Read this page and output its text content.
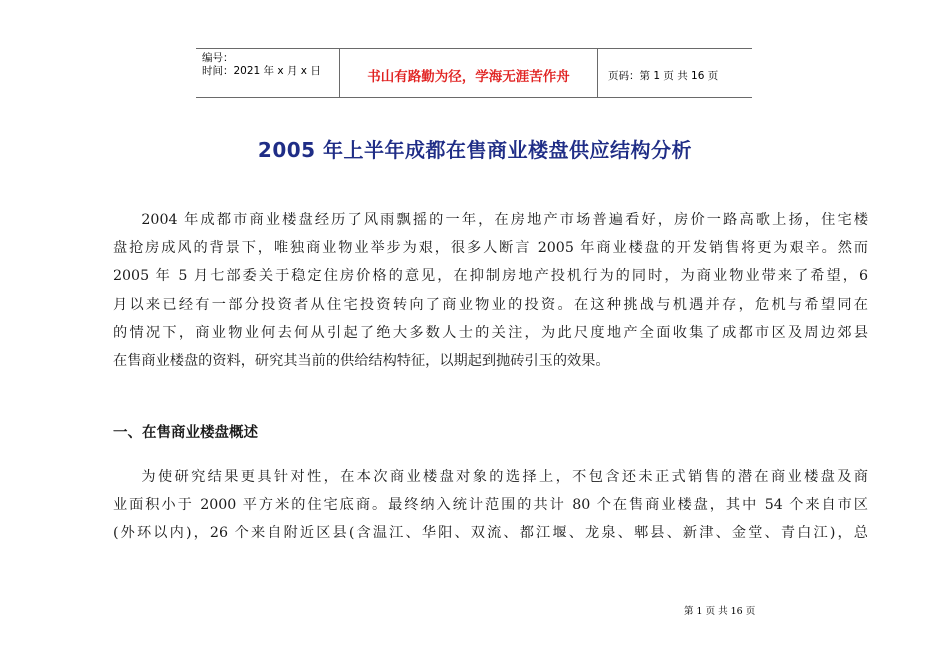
编号：
时间：2021 年 x 月 x 日	书山有路勤为径，学海无涯苦作舟	页码：第 1 页 共 16 页
2005 年上半年成都在售商业楼盘供应结构分析
2004 年成都市商业楼盘经历了风雨飘摇的一年，在房地产市场普遍看好，房价一路高歌上扬，住宅楼
盘抢房成风的背景下，唯独商业物业举步为艰，很多人断言 2005 年商业楼盘的开发销售将更为艰辛。然而
2005 年 5 月七部委关于稳定住房价格的意见，在抑制房地产投机行为的同时，为商业物业带来了希望，6
月以来已经有一部分投资者从住宅投资转向了商业物业的投资。在这种挑战与机遇并存，危机与希望同在
的情况下，商业物业何去何从引起了绝大多数人士的关注，为此尺度地产全面收集了成都市区及周边郊县
在售商业楼盘的资料，研究其当前的供给结构特征，以期起到抛砖引玉的效果。
一、在售商业楼盘概述
为使研究结果更具针对性，在本次商业楼盘对象的选择上，不包含还未正式销售的潜在商业楼盘及商
业面积小于 2000 平方米的住宅底商。最终纳入统计范围的共计 80 个在售商业楼盘，其中 54 个来自市区
(外环以内)，26 个来自附近区县(含温江、华阳、双流、都江堰、龙泉、郫县、新津、金堂、青白江)，总
第 1 页 共 16 页
